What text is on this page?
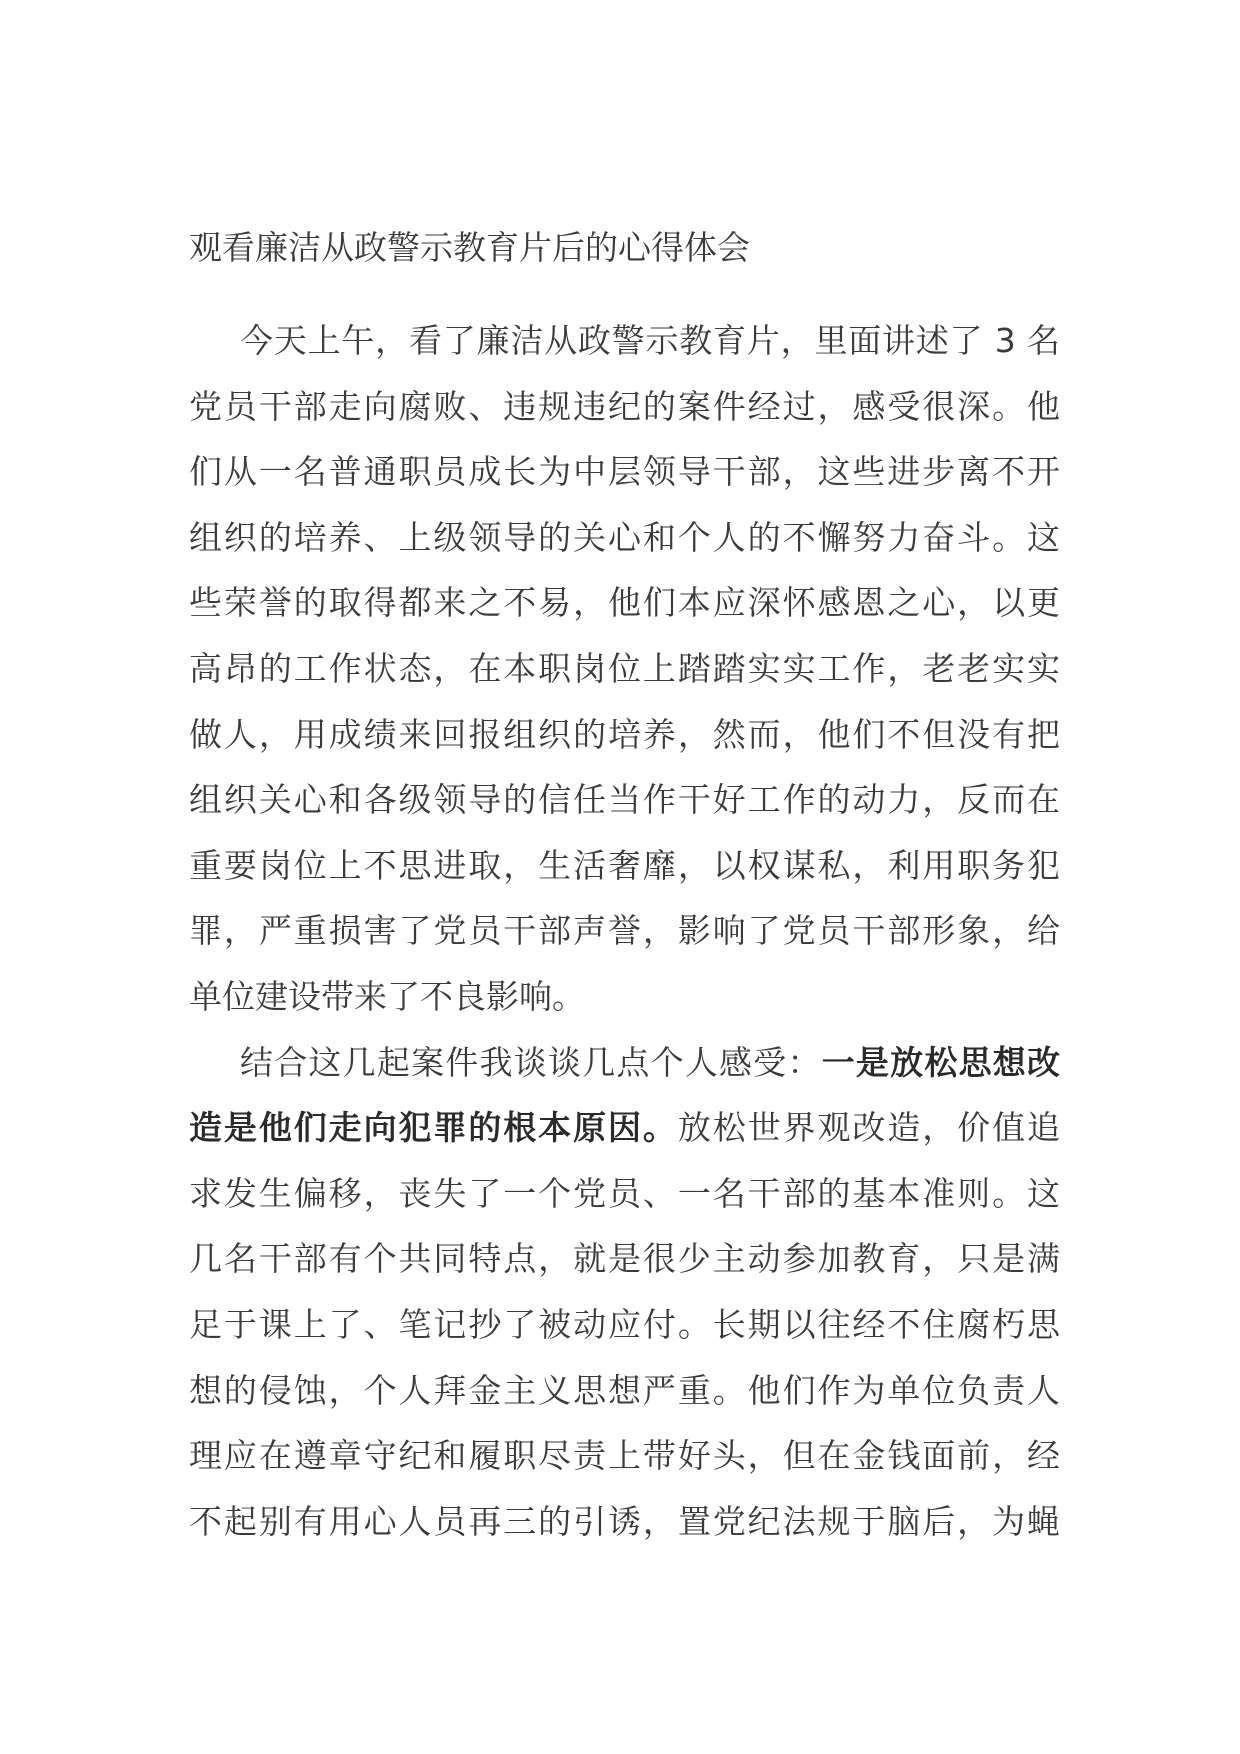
观看廉洁从政警示教育片后的心得体会
今天上午，看了廉洁从政警示教育片，里面讲述了 3 名
党员干部走向腐败、违规违纪的案件经过，感受很深。他
们从一名普通职员成长为中层领导干部，这些进步离不开
组织的培养、上级领导的关心和个人的不懈努力奋斗。这
些荣誉的取得都来之不易，他们本应深怀感恩之心，以更
高昂的工作状态，在本职岗位上踏踏实实工作，老老实实
做人，用成绩来回报组织的培养，然而，他们不但没有把
组织关心和各级领导的信任当作干好工作的动力，反而在
重要岗位上不思进取，生活奢靡，以权谋私，利用职务犯
罪，严重损害了党员干部声誉，影响了党员干部形象，给
单位建设带来了不良影响。
结合这几起案件我谈谈几点个人感受：一是放松思想改
造是他们走向犯罪的根本原因。放松世界观改造，价值追
求发生偏移，丧失了一个党员、一名干部的基本准则。这
几名干部有个共同特点，就是很少主动参加教育，只是满
足于课上了、笔记抄了被动应付。长期以往经不住腐朽思
想的侵蚀，个人拜金主义思想严重。他们作为单位负责人
理应在遵章守纪和履职尽责上带好头，但在金钱面前，经
不起别有用心人员再三的引诱，置党纪法规于脑后，为蝇
